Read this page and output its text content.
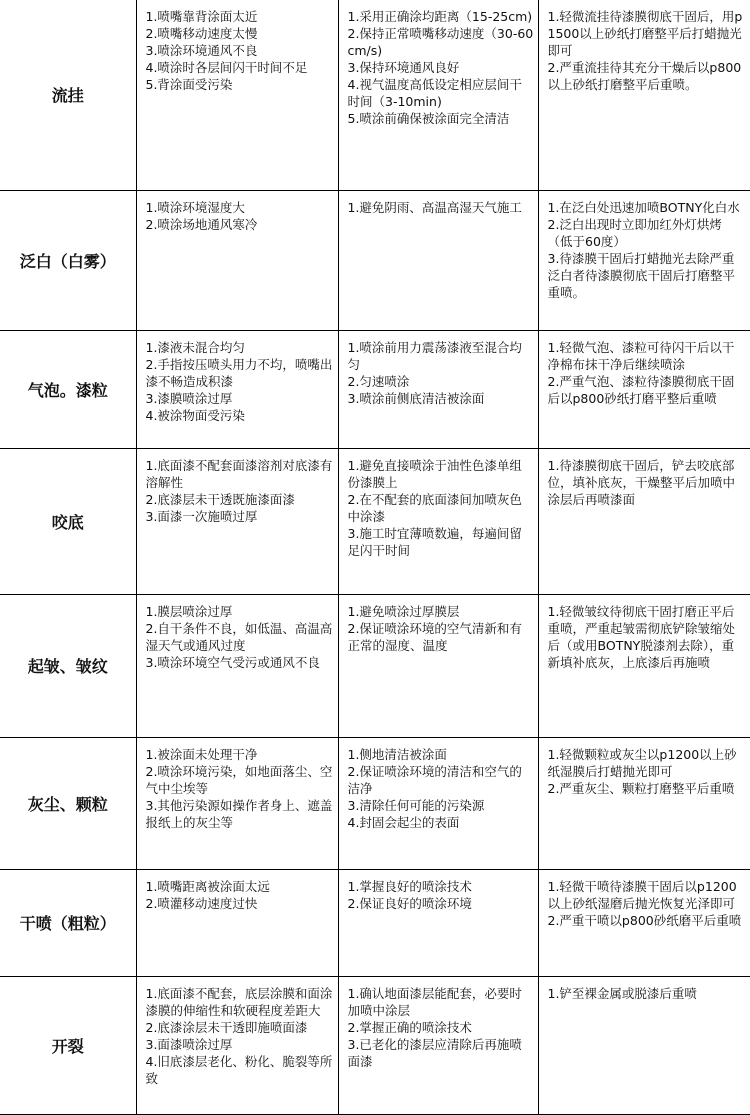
流挂	1.喷嘴靠背涂面太近
2.喷嘴移动速度太慢
3.喷涂环境通风不良
4.喷涂时各层间闪干时间不足
5.背涂面受污染	1.采用正确涂均距离（15-25cm)
2.保持正常喷嘴移动速度（30-60cm/s)
3.保持环境通风良好
4.视气温度高低设定相应层间干时间（3-10min)
5.喷涂前确保被涂面完全清洁	1.轻微流挂待漆膜彻底干固后，用p1500以上砂纸打磨整平后打蜡抛光即可
2.严重流挂待其充分干燥后以p800以上砂纸打磨整平后重喷。

泛白（白雾）	1.喷涂环境湿度大
2.喷涂场地通风寒冷	1.避免阴雨、高温高湿天气施工	1.在泛白处迅速加喷BOTNY化白水
2.泛白出现时立即加红外灯烘烤（低于60度）
3.待漆膜干固后打蜡抛光去除严重泛白者待漆膜彻底干固后打磨整平重喷。

气泡。漆粒	1.漆液未混合均匀
2.手指按压喷头用力不均，喷嘴出漆不畅造成积漆
3.漆膜喷涂过厚
4.被涂物面受污染	1.喷涂前用力震荡漆液至混合均匀
2.匀速喷涂
3.喷涂前侧底清洁被涂面	1.轻微气泡、漆粒可待闪干后以干净棉布抹干净后继续喷涂
2.严重气泡、漆粒待漆膜彻底干固后以p800砂纸打磨平整后重喷

咬底	1.底面漆不配套面漆溶剂对底漆有溶解性
2.底漆层未干透既施漆面漆
3.面漆一次施喷过厚	1.避免直接喷涂于油性色漆单组份漆膜上
2.在不配套的底面漆间加喷灰色中涂漆
3.施工时宜薄喷数遍，每遍间留足闪干时间	1.待漆膜彻底干固后，铲去咬底部位，填补底灰，干燥整平后加喷中涂层后再喷漆面

起皱、皱纹	1.膜层喷涂过厚
2.自干条件不良，如低温、高温高湿天气或通风过度
3.喷涂环境空气受污或通风不良	1.避免喷涂过厚膜层
2.保证喷涂环境的空气清新和有正常的湿度、温度	1.轻微皱纹待彻底干固打磨正平后重喷，严重起皱需彻底铲除皱缩处后（或用BOTNY脱漆剂去除），重新填补底灰，上底漆后再施喷

灰尘、颗粒	1.被涂面未处理干净
2.喷涂环境污染，如地面落尘、空气中尘埃等
3.其他污染源如操作者身上、遮盖报纸上的灰尘等	1.侧地清洁被涂面
2.保证喷涂环境的清洁和空气的洁净
3.清除任何可能的污染源
4.封固会起尘的表面	1.轻微颗粒或灰尘以p1200以上砂纸湿膜后打蜡抛光即可
2.严重灰尘、颗粒打磨整平后重喷

干喷（粗粒）	1.喷嘴距离被涂面太远
2.喷灌移动速度过快	1.掌握良好的喷涂技术
2.保证良好的喷涂环境	1.轻微干喷待漆膜干固后以p1200以上砂纸湿磨后抛光恢复光泽即可
2.严重干喷以p800砂纸磨平后重喷

开裂	1.底面漆不配套，底层涂膜和面涂漆膜的伸缩性和软硬程度差距大
2.底漆涂层未干透即施喷面漆
3.面漆喷涂过厚
4.旧底漆层老化、粉化、脆裂等所致	1.确认地面漆层能配套，必要时加喷中涂层
2.掌握正确的喷涂技术
3.已老化的漆层应清除后再施喷面漆	1.铲至裸金属或脱漆后重喷
